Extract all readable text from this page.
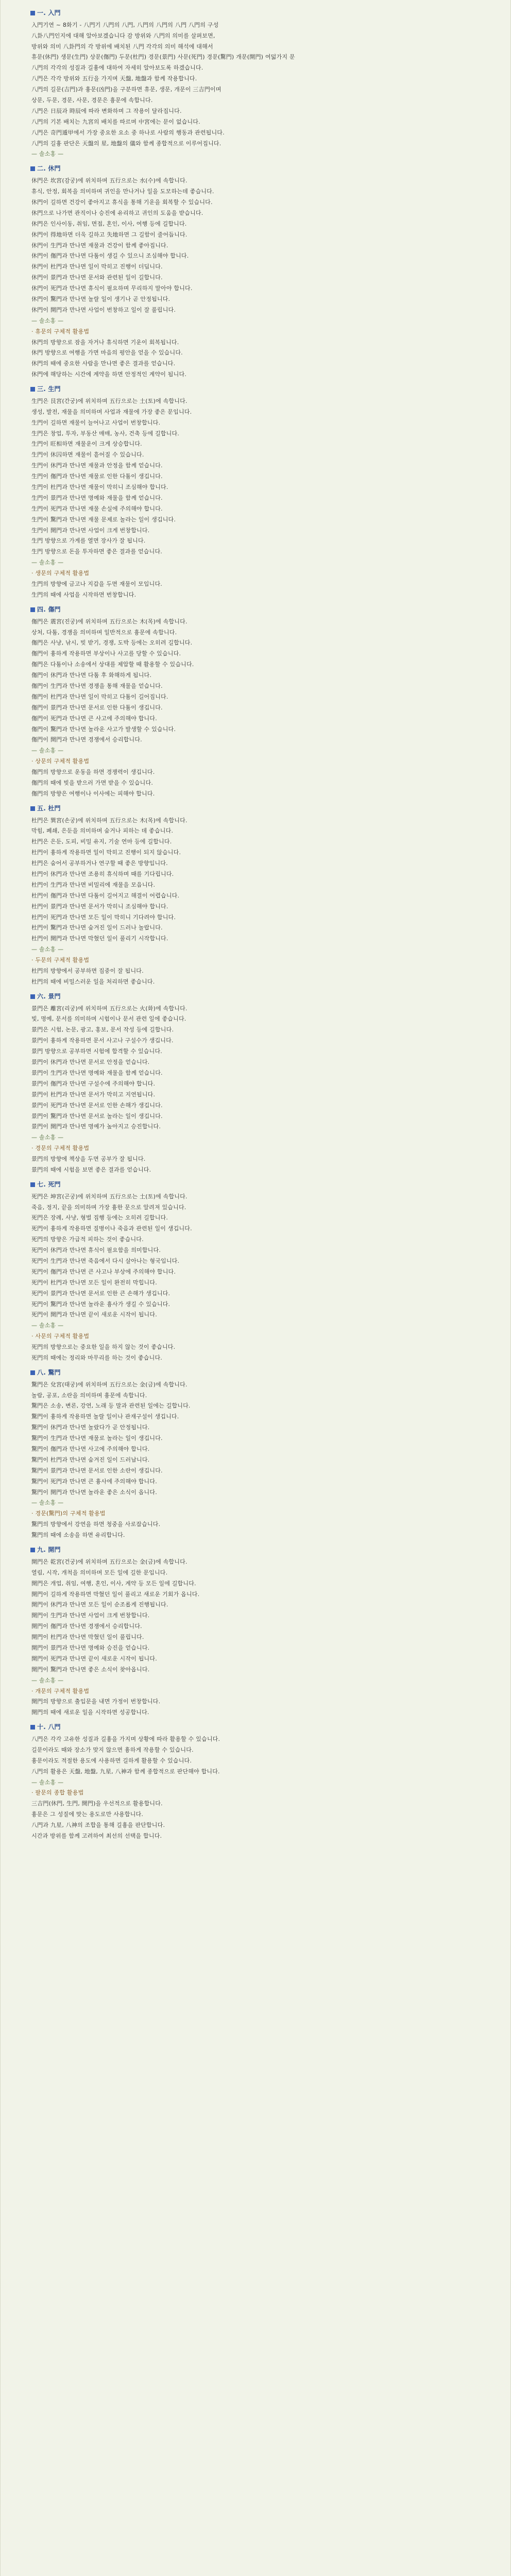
一. 入門

入門기연 ~ 8화기 - 八門기 八門의 八門, 八門의 八門의 八門 八門의 구성

八卦八門인지에 대해 알아보겠습니다 감 방위와 八門의 의미를 살펴보면,

방위와 의미 八卦門의 각 방위에 배치된 八門 각각의 의미 해석에 대해서

휴문(休門) 생문(生門) 상문(傷門) 두문(杜門) 경문(景門) 사문(死門) 경문(驚門) 개문(開門) 여덟가지 문

八門의 각각의 성질과 길흉에 대하여 자세히 알아보도록 하겠습니다.

八門은 각각 방위와 五行을 가지며 天盤, 地盤과 함께 작용합니다.

八門의 길문(吉門)과 흉문(凶門)을 구분하면 휴문, 생문, 개문이 三吉門이며

상문, 두문, 경문, 사문, 경문은 흉문에 속합니다.

八門은 日辰과 時辰에 따라 변화하며 그 작용이 달라집니다.

八門의 기본 배치는 九宮의 배치를 따르며 中宮에는 문이 없습니다.

八門은 奇門遁甲에서 가장 중요한 요소 중 하나로 사람의 행동과 관련됩니다.

八門의 길흉 판단은 天盤의 星, 地盤의 儀와 함께 종합적으로 이루어집니다.

— 솔소홍 —

二. 休門

休門은 坎宮(감궁)에 위치하며 五行으로는 水(수)에 속합니다.

휴식, 안정, 회복을 의미하며 귀인을 만나거나 일을 도모하는데 좋습니다.

休門이 길하면 건강이 좋아지고 휴식을 통해 기운을 회복할 수 있습니다.

休門으로 나가면 관직이나 승진에 유리하고 귀인의 도움을 받습니다.

休門은 인사이동, 취임, 면접, 혼인, 이사, 여행 등에 길합니다.

休門이 得地하면 더욱 길하고 失地하면 그 길함이 줄어듭니다.

休門이 生門과 만나면 재물과 건강이 함께 좋아집니다.

休門이 傷門과 만나면 다툼이 생길 수 있으니 조심해야 합니다.

休門이 杜門과 만나면 일이 막히고 진행이 더딥니다.

休門이 景門과 만나면 문서와 관련된 일이 길합니다.

休門이 死門과 만나면 휴식이 필요하며 무리하지 말아야 합니다.

休門이 驚門과 만나면 놀랄 일이 생기나 곧 안정됩니다.

休門이 開門과 만나면 사업이 번창하고 일이 잘 풀립니다.

— 솔소홍 —

· 휴문의 구체적 활용법

休門의 방향으로 잠을 자거나 휴식하면 기운이 회복됩니다.

休門 방향으로 여행을 가면 마음의 평안을 얻을 수 있습니다.

休門의 때에 중요한 사람을 만나면 좋은 결과를 얻습니다.

休門에 해당하는 시간에 계약을 하면 안정적인 계약이 됩니다.

三. 生門

生門은 艮宮(간궁)에 위치하며 五行으로는 土(토)에 속합니다.

생성, 발전, 재물을 의미하며 사업과 재물에 가장 좋은 문입니다.

生門이 길하면 재물이 늘어나고 사업이 번창합니다.

生門은 창업, 투자, 부동산 매매, 농사, 건축 등에 길합니다.

生門이 旺相하면 재물운이 크게 상승합니다.

生門이 休囚하면 재물이 흩어질 수 있습니다.

生門이 休門과 만나면 재물과 안정을 함께 얻습니다.

生門이 傷門과 만나면 재물로 인한 다툼이 생깁니다.

生門이 杜門과 만나면 재물이 막히니 조심해야 합니다.

生門이 景門과 만나면 명예와 재물을 함께 얻습니다.

生門이 死門과 만나면 재물 손실에 주의해야 합니다.

生門이 驚門과 만나면 재물 문제로 놀라는 일이 생깁니다.

生門이 開門과 만나면 사업이 크게 번창합니다.

生門 방향으로 가게를 열면 장사가 잘 됩니다.

生門 방향으로 돈을 투자하면 좋은 결과를 얻습니다.

— 솔소홍 —

· 생문의 구체적 활용법

生門의 방향에 금고나 지갑을 두면 재물이 모입니다.

生門의 때에 사업을 시작하면 번창합니다.

四. 傷門

傷門은 震宮(진궁)에 위치하며 五行으로는 木(목)에 속합니다.

상처, 다툼, 경쟁을 의미하며 일반적으로 흉문에 속합니다.

傷門은 사냥, 낚시, 빚 받기, 경쟁, 도박 등에는 오히려 길합니다.

傷門이 흉하게 작용하면 부상이나 사고를 당할 수 있습니다.

傷門은 다툼이나 소송에서 상대를 제압할 때 활용할 수 있습니다.

傷門이 休門과 만나면 다툼 후 화해하게 됩니다.

傷門이 生門과 만나면 경쟁을 통해 재물을 얻습니다.

傷門이 杜門과 만나면 일이 막히고 다툼이 길어집니다.

傷門이 景門과 만나면 문서로 인한 다툼이 생깁니다.

傷門이 死門과 만나면 큰 사고에 주의해야 합니다.

傷門이 驚門과 만나면 놀라운 사고가 발생할 수 있습니다.

傷門이 開門과 만나면 경쟁에서 승리합니다.

— 솔소홍 —

· 상문의 구체적 활용법

傷門의 방향으로 운동을 하면 경쟁력이 생깁니다.

傷門의 때에 빚을 받으러 가면 받을 수 있습니다.

傷門의 방향은 여행이나 이사에는 피해야 합니다.

五. 杜門

杜門은 巽宮(손궁)에 위치하며 五行으로는 木(목)에 속합니다.

막힘, 폐쇄, 은둔을 의미하며 숨거나 피하는 데 좋습니다.

杜門은 은둔, 도피, 비밀 유지, 기술 연마 등에 길합니다.

杜門이 흉하게 작용하면 일이 막히고 진행이 되지 않습니다.

杜門은 숨어서 공부하거나 연구할 때 좋은 방향입니다.

杜門이 休門과 만나면 조용히 휴식하며 때를 기다립니다.

杜門이 生門과 만나면 비밀리에 재물을 모읍니다.

杜門이 傷門과 만나면 다툼이 길어지고 해결이 어렵습니다.

杜門이 景門과 만나면 문서가 막히니 조심해야 합니다.

杜門이 死門과 만나면 모든 일이 막히니 기다려야 합니다.

杜門이 驚門과 만나면 숨겨진 일이 드러나 놀랍니다.

杜門이 開門과 만나면 막혔던 일이 풀리기 시작합니다.

— 솔소홍 —

· 두문의 구체적 활용법

杜門의 방향에서 공부하면 집중이 잘 됩니다.

杜門의 때에 비밀스러운 일을 처리하면 좋습니다.

六. 景門

景門은 離宮(리궁)에 위치하며 五行으로는 火(화)에 속합니다.

빛, 명예, 문서를 의미하며 시험이나 문서 관련 일에 좋습니다.

景門은 시험, 논문, 광고, 홍보, 문서 작성 등에 길합니다.

景門이 흉하게 작용하면 문서 사고나 구설수가 생깁니다.

景門 방향으로 공부하면 시험에 합격할 수 있습니다.

景門이 休門과 만나면 문서로 안정을 얻습니다.

景門이 生門과 만나면 명예와 재물을 함께 얻습니다.

景門이 傷門과 만나면 구설수에 주의해야 합니다.

景門이 杜門과 만나면 문서가 막히고 지연됩니다.

景門이 死門과 만나면 문서로 인한 손해가 생깁니다.

景門이 驚門과 만나면 문서로 놀라는 일이 생깁니다.

景門이 開門과 만나면 명예가 높아지고 승진합니다.

— 솔소홍 —

· 경문의 구체적 활용법

景門의 방향에 책상을 두면 공부가 잘 됩니다.

景門의 때에 시험을 보면 좋은 결과를 얻습니다.

七. 死門

死門은 坤宮(곤궁)에 위치하며 五行으로는 土(토)에 속합니다.

죽음, 정지, 끝을 의미하며 가장 흉한 문으로 알려져 있습니다.

死門은 장례, 사냥, 형벌 집행 등에는 오히려 길합니다.

死門이 흉하게 작용하면 질병이나 죽음과 관련된 일이 생깁니다.

死門의 방향은 가급적 피하는 것이 좋습니다.

死門이 休門과 만나면 휴식이 필요함을 의미합니다.

死門이 生門과 만나면 죽음에서 다시 살아나는 형국입니다.

死門이 傷門과 만나면 큰 사고나 부상에 주의해야 합니다.

死門이 杜門과 만나면 모든 일이 완전히 막힙니다.

死門이 景門과 만나면 문서로 인한 큰 손해가 생깁니다.

死門이 驚門과 만나면 놀라운 흉사가 생길 수 있습니다.

死門이 開門과 만나면 끝이 새로운 시작이 됩니다.

— 솔소홍 —

· 사문의 구체적 활용법

死門의 방향으로는 중요한 일을 하지 않는 것이 좋습니다.

死門의 때에는 정리와 마무리를 하는 것이 좋습니다.

八. 驚門

驚門은 兌宮(태궁)에 위치하며 五行으로는 金(금)에 속합니다.

놀람, 공포, 소란을 의미하며 흉문에 속합니다.

驚門은 소송, 변론, 강연, 노래 등 말과 관련된 일에는 길합니다.

驚門이 흉하게 작용하면 놀랄 일이나 관재구설이 생깁니다.

驚門이 休門과 만나면 놀랐다가 곧 안정됩니다.

驚門이 生門과 만나면 재물로 놀라는 일이 생깁니다.

驚門이 傷門과 만나면 사고에 주의해야 합니다.

驚門이 杜門과 만나면 숨겨진 일이 드러납니다.

驚門이 景門과 만나면 문서로 인한 소란이 생깁니다.

驚門이 死門과 만나면 큰 흉사에 주의해야 합니다.

驚門이 開門과 만나면 놀라운 좋은 소식이 옵니다.

— 솔소홍 —

· 경문(驚門)의 구체적 활용법

驚門의 방향에서 강연을 하면 청중을 사로잡습니다.

驚門의 때에 소송을 하면 유리합니다.

九. 開門

開門은 乾宮(건궁)에 위치하며 五行으로는 金(금)에 속합니다.

열림, 시작, 개척을 의미하며 모든 일에 길한 문입니다.

開門은 개업, 취임, 여행, 혼인, 이사, 계약 등 모든 일에 길합니다.

開門이 길하게 작용하면 막혔던 일이 풀리고 새로운 기회가 옵니다.

開門이 休門과 만나면 모든 일이 순조롭게 진행됩니다.

開門이 生門과 만나면 사업이 크게 번창합니다.

開門이 傷門과 만나면 경쟁에서 승리합니다.

開門이 杜門과 만나면 막혔던 일이 풀립니다.

開門이 景門과 만나면 명예와 승진을 얻습니다.

開門이 死門과 만나면 끝이 새로운 시작이 됩니다.

開門이 驚門과 만나면 좋은 소식이 찾아옵니다.

— 솔소홍 —

· 개문의 구체적 활용법

開門의 방향으로 출입문을 내면 가정이 번창합니다.

開門의 때에 새로운 일을 시작하면 성공합니다.

十. 八門

八門은 각각 고유한 성질과 길흉을 가지며 상황에 따라 활용할 수 있습니다.

길문이라도 때와 장소가 맞지 않으면 흉하게 작용할 수 있습니다.

흉문이라도 적절한 용도에 사용하면 길하게 활용할 수 있습니다.

八門의 활용은 天盤, 地盤, 九星, 八神과 함께 종합적으로 판단해야 합니다.

— 솔소홍 —

· 팔문의 종합 활용법

三吉門(休門, 生門, 開門)을 우선적으로 활용합니다.

흉문은 그 성질에 맞는 용도로만 사용합니다.

八門과 九星, 八神의 조합을 통해 길흉을 판단합니다.

시간과 방위를 함께 고려하여 최선의 선택을 합니다.
